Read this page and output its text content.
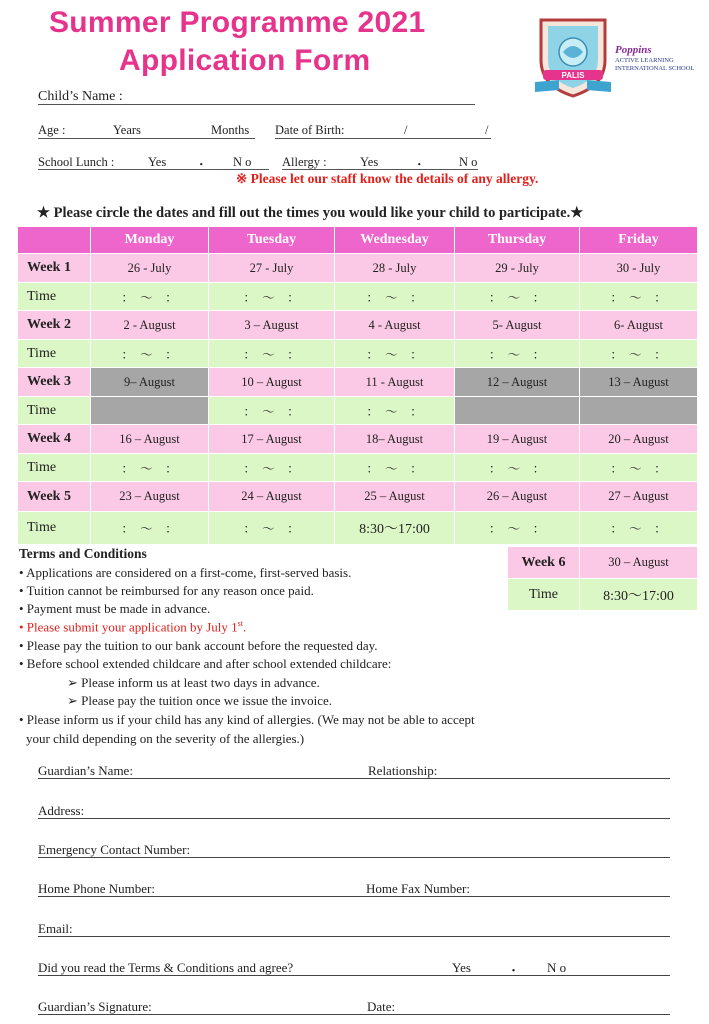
Summer Programme 2021
Application Form	PALIS
Poppins
ACTIVE LEARNING
INTERNATIONAL SCHOOL
Child’s Name :
Age :	Years	Months Date of Birth:	/	/
School Lunch :	Yes ・ N o Allergy :	Yes	・	N o
※ Please let our staff know the details of any allergy.
★ Please circle the dates and fill out the times you would like your child to participate.★
	Monday	Tuesday	Wednesday	Thursday	Friday
Week 1	26 - July	27 - July	28 - July	29 - July	30 - July
Time	：　～　：	：　～　：	：　～　：	：　～　：	：　～　：
Week 2	2 - August	3 – August	4 - August	5- August	6- August
Time	：　～　：	：　～　：	：　～　：	：　～　：	：　～　：
Week 3	9– August	10 – August	11 - August	12 – August	13 – August
Time		：　～　：	：　～　：		
Week 4	16 – August	17 – August	18– August	19 – August	20 – August
Time	：　～　：	：　～　：	：　～　：	：　～　：	：　～　：
Week 5	23 – August	24 – August	25 – August	26 – August	27 – August
Time	：　～　：	：　～　：	8:30～17:00	：　～　：	：　～　：
Week 6	30 – August
Time	8:30～17:00
Terms and Conditions
• Applications are considered on a first-come, first-served basis.
• Tuition cannot be reimbursed for any reason once paid.
• Payment must be made in advance.
• Please submit your application by July 1st.
• Please pay the tuition to our bank account before the requested day.
• Before school extended childcare and after school extended childcare:
➢ Please inform us at least two days in advance.
➢ Please pay the tuition once we issue the invoice.
• Please inform us if your child has any kind of allergies. (We may not be able to accept
your child depending on the severity of the allergies.)
Guardian’s Name:	Relationship:
Address:
Emergency Contact Number:
Home Phone Number:	Home Fax Number:
Email:
Did you read the Terms & Conditions and agree?	Yes	・ N o
Guardian’s Signature:	Date:
